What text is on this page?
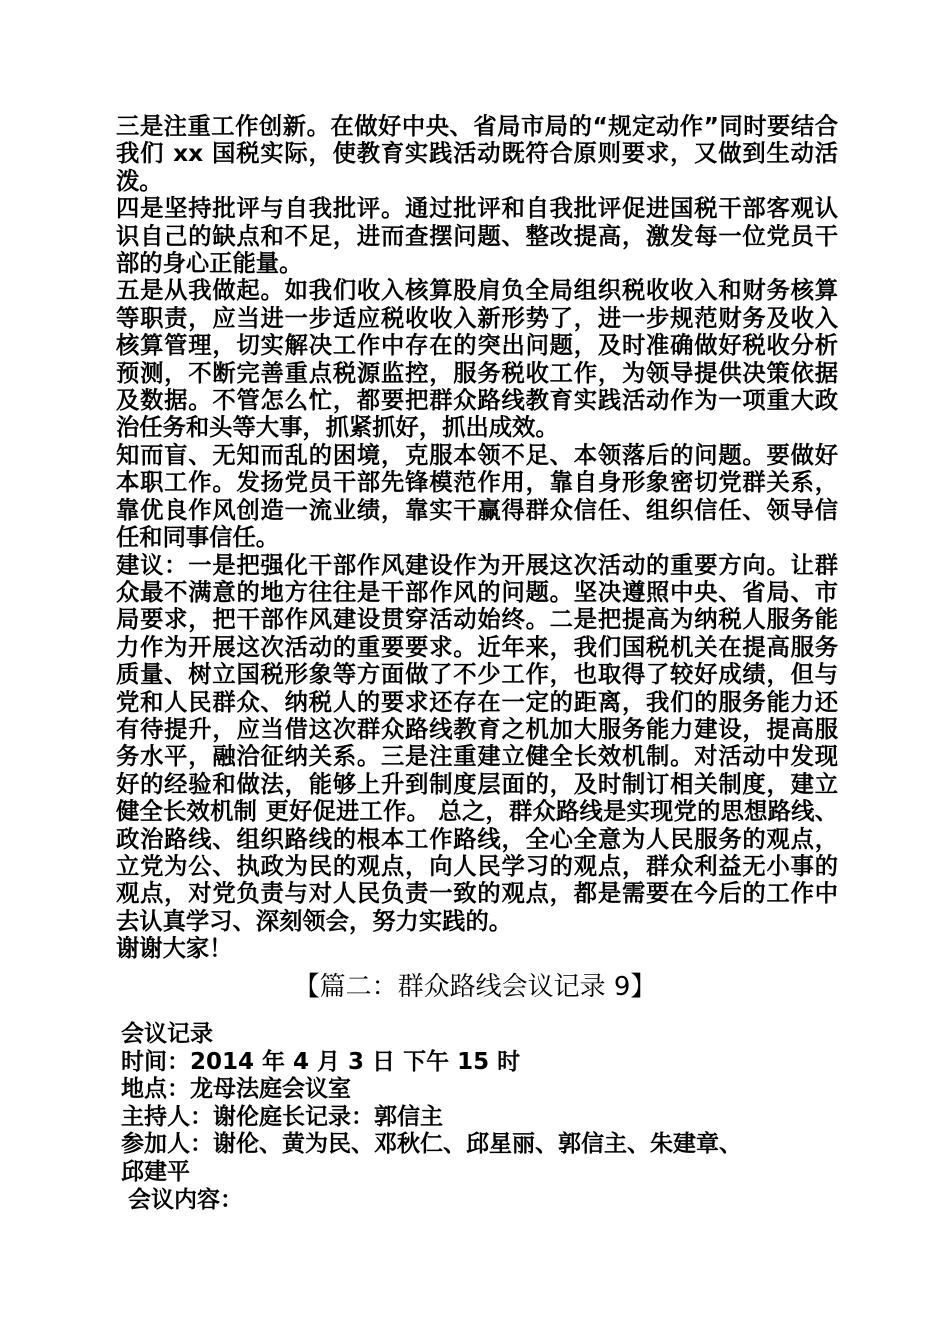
三是注重工作创新。在做好中央、省局市局的“规定动作”同时要结合我们 xx 国税实际，使教育实践活动既符合原则要求，又做到生动活泼。

四是坚持批评与自我批评。通过批评和自我批评促进国税干部客观认识自己的缺点和不足，进而查摆问题、整改提高，激发每一位党员干部的身心正能量。

五是从我做起。如我们收入核算股肩负全局组织税收收入和财务核算等职责，应当进一步适应税收收入新形势了，进一步规范财务及收入核算管理，切实解决工作中存在的突出问题，及时准确做好税收分析预测，不断完善重点税源监控，服务税收工作，为领导提供决策依据及数据。不管怎么忙，都要把群众路线教育实践活动作为一项重大政治任务和头等大事，抓紧抓好，抓出成效。

知而盲、无知而乱的困境，克服本领不足、本领落后的问题。要做好本职工作。发扬党员干部先锋模范作用，靠自身形象密切党群关系，靠优良作风创造一流业绩，靠实干赢得群众信任、组织信任、领导信任和同事信任。

建议：一是把强化干部作风建设作为开展这次活动的重要方向。让群众最不满意的地方往往是干部作风的问题。坚决遵照中央、省局、市局要求，把干部作风建设贯穿活动始终。二是把提高为纳税人服务能力作为开展这次活动的重要要求。近年来，我们国税机关在提高服务质量、树立国税形象等方面做了不少工作，也取得了较好成绩，但与党和人民群众、纳税人的要求还存在一定的距离，我们的服务能力还有待提升，应当借这次群众路线教育之机加大服务能力建设，提高服务水平，融洽征纳关系。三是注重建立健全长效机制。对活动中发现好的经验和做法，能够上升到制度层面的，及时制订相关制度，建立健全长效机制 更好促进工作。 总之，群众路线是实现党的思想路线、政治路线、组织路线的根本工作路线，全心全意为人民服务的观点，立党为公、执政为民的观点，向人民学习的观点，群众利益无小事的观点，对党负责与对人民负责一致的观点，都是需要在今后的工作中去认真学习、深刻领会，努力实践的。

谢谢大家！

【篇二：群众路线会议记录 9】

会议记录

时间：2014 年 4 月 3 日 下午 15 时

地点：龙母法庭会议室

主持人：谢伦庭长记录：郭信主

参加人：谢伦、黄为民、邓秋仁、邱星丽、郭信主、朱建章、

邱建平

会议内容：
